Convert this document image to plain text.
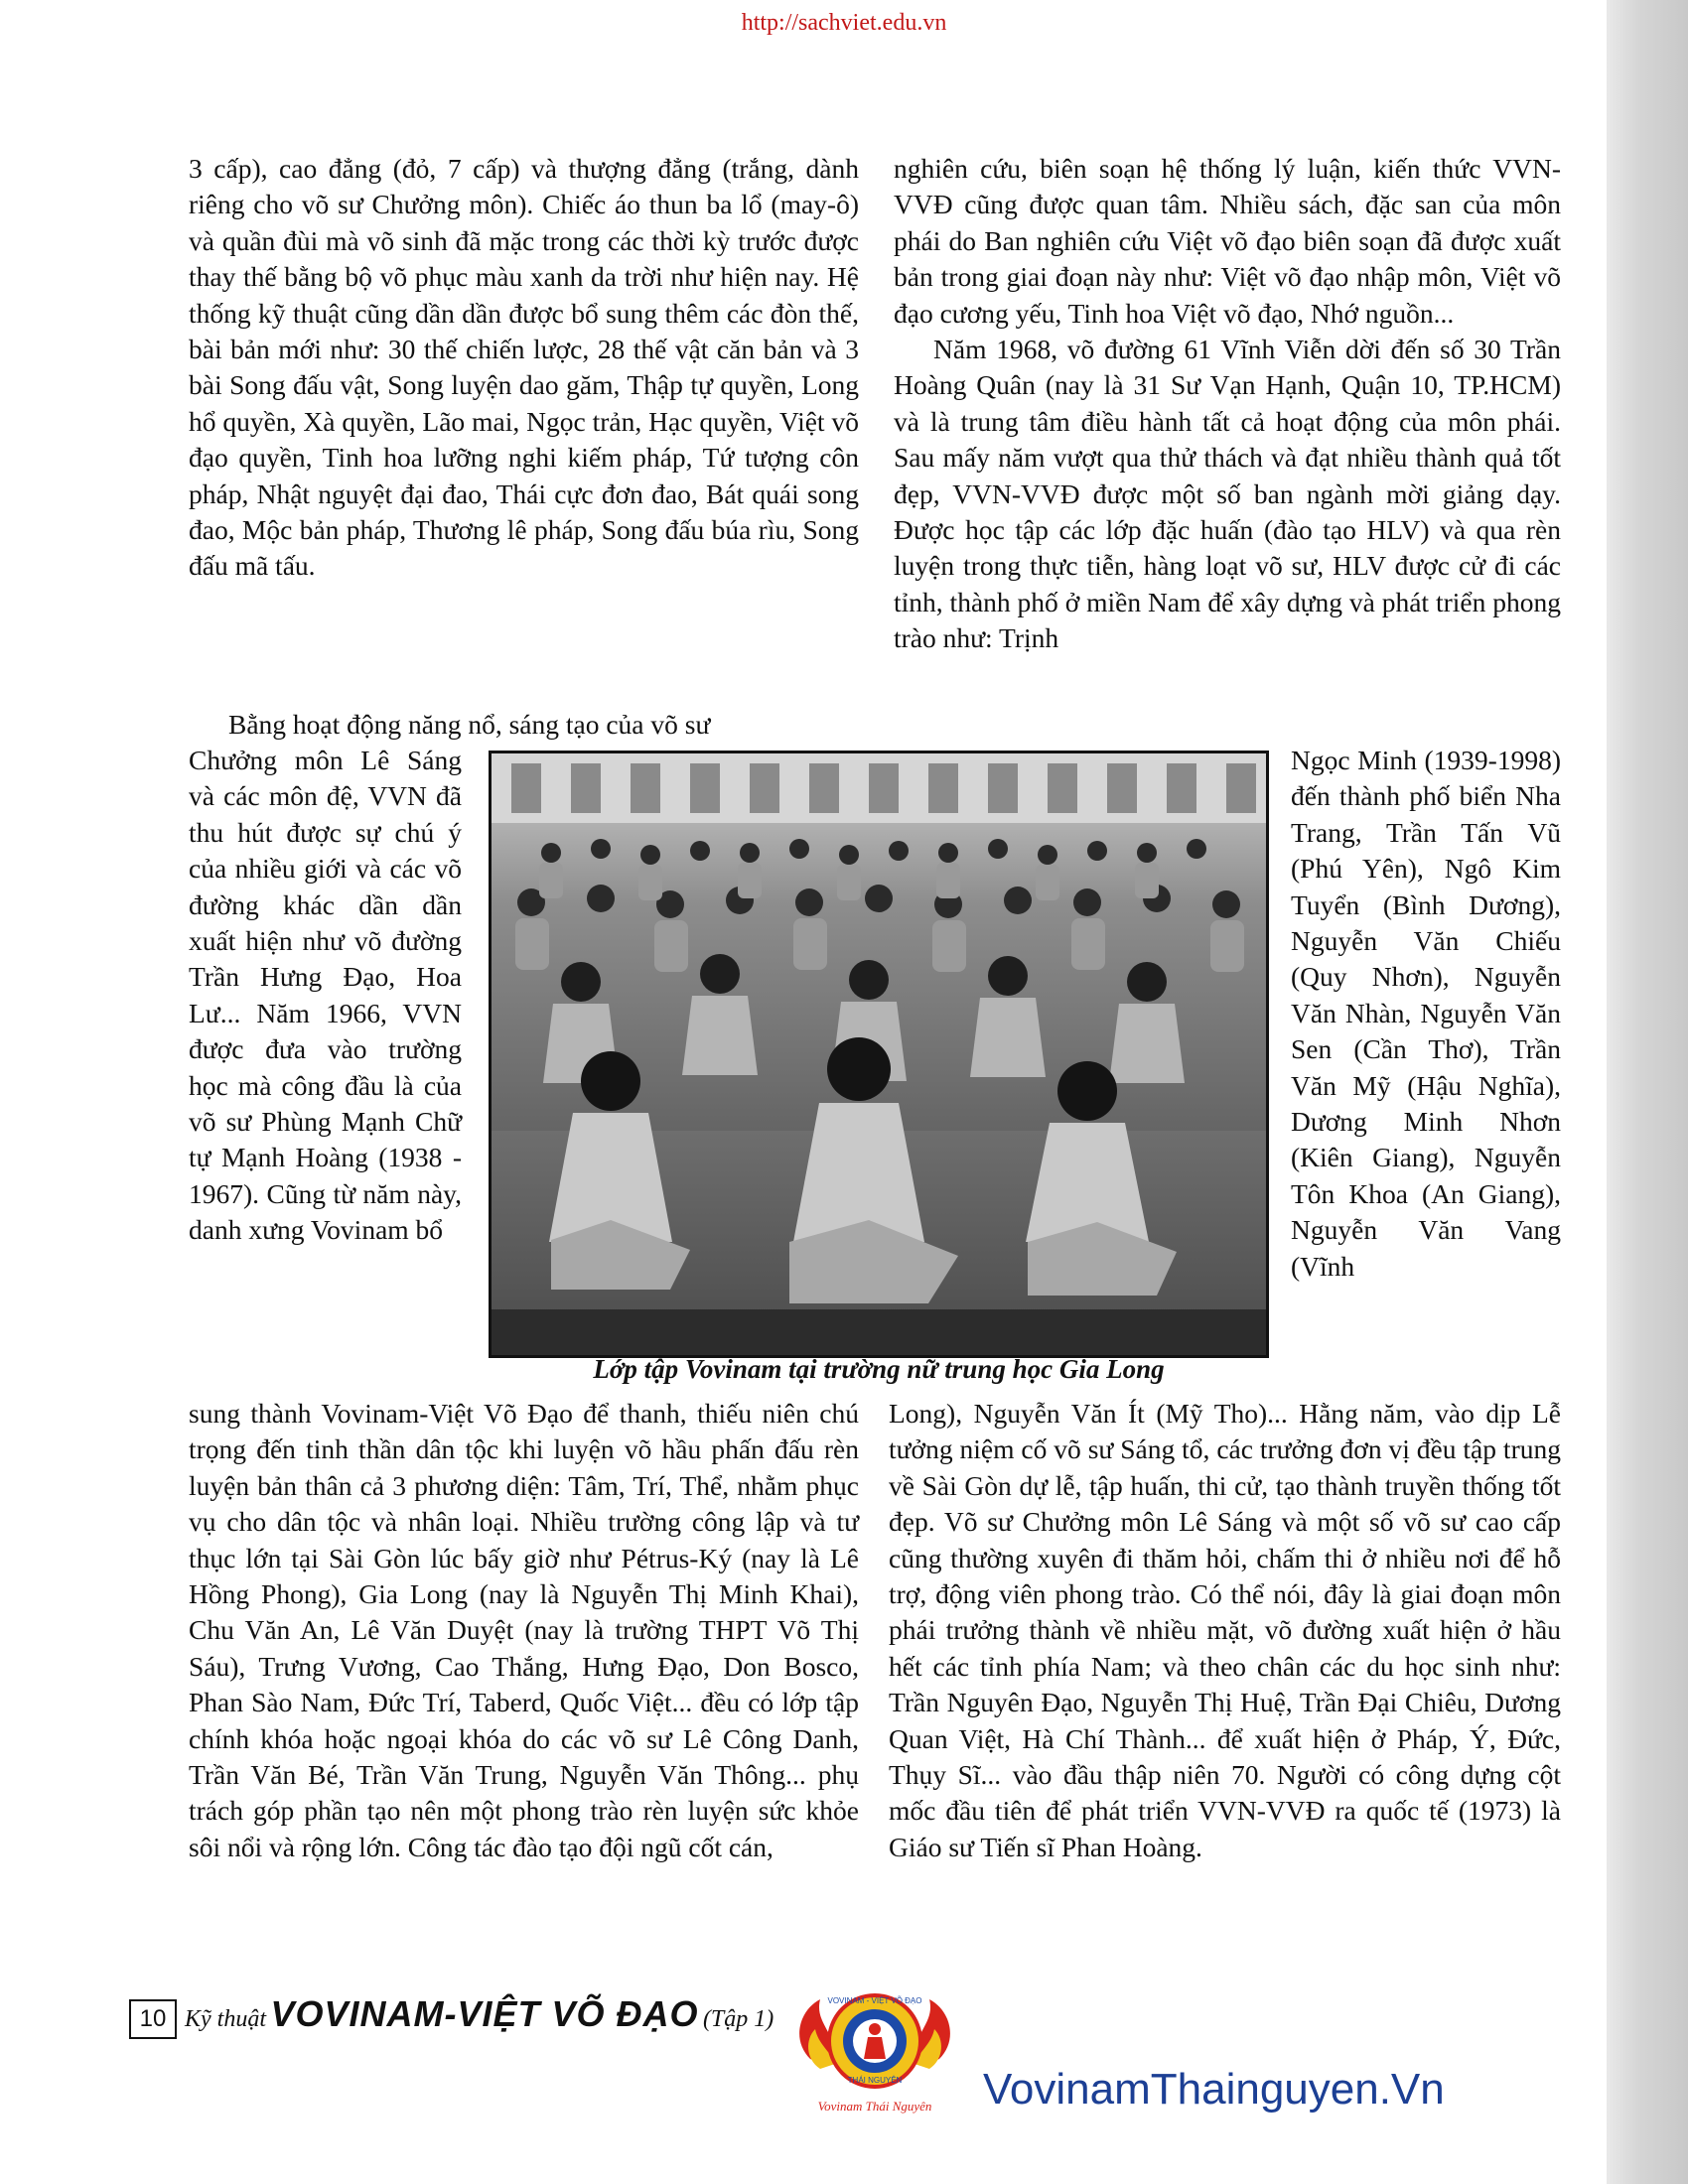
http://sachviet.edu.vn

3 cấp), cao đẳng (đỏ, 7 cấp) và thượng đẳng (trắng, dành riêng cho võ sư Chưởng môn). Chiếc áo thun ba lổ (may-ô) và quần đùi mà võ sinh đã mặc trong các thời kỳ trước được thay thế bằng bộ võ phục màu xanh da trời như hiện nay. Hệ thống kỹ thuật cũng dần dần được bổ sung thêm các đòn thế, bài bản mới như: 30 thế chiến lược, 28 thế vật căn bản và 3 bài Song đấu vật, Song luyện dao găm, Thập tự quyền, Long hổ quyền, Xà quyền, Lão mai, Ngọc trản, Hạc quyền, Việt võ đạo quyền, Tinh hoa lưỡng nghi kiếm pháp, Tứ tượng côn pháp, Nhật nguyệt đại đao, Thái cực đơn đao, Bát quái song đao, Mộc bản pháp, Thương lê pháp, Song đấu búa rìu, Song đấu mã tấu.

Bằng hoạt động năng nổ, sáng tạo của võ sư

Chưởng môn Lê Sáng và các môn đệ, VVN đã thu hút được sự chú ý của nhiều giới và các võ đường khác dần dần xuất hiện như võ đường Trần Hưng Đạo, Hoa Lư... Năm 1966, VVN được đưa vào trường học mà công đầu là của võ sư Phùng Mạnh Chữ tự Mạnh Hoàng (1938 - 1967). Cũng từ năm này, danh xưng Vovinam bổ

sung thành Vovinam-Việt Võ Đạo để thanh, thiếu niên chú trọng đến tinh thần dân tộc khi luyện võ hầu phấn đấu rèn luyện bản thân cả 3 phương diện: Tâm, Trí, Thể, nhằm phục vụ cho dân tộc và nhân loại. Nhiều trường công lập và tư thục lớn tại Sài Gòn lúc bấy giờ như Pétrus-Ký (nay là Lê Hồng Phong), Gia Long (nay là Nguyễn Thị Minh Khai), Chu Văn An, Lê Văn Duyệt (nay là trường THPT Võ Thị Sáu), Trưng Vương, Cao Thắng, Hưng Đạo, Don Bosco, Phan Sào Nam, Đức Trí, Taberd, Quốc Việt... đều có lớp tập chính khóa hoặc ngoại khóa do các võ sư Lê Công Danh, Trần Văn Bé, Trần Văn Trung, Nguyễn Văn Thông... phụ trách góp phần tạo nên một phong trào rèn luyện sức khỏe sôi nổi và rộng lớn. Công tác đào tạo đội ngũ cốt cán,

nghiên cứu, biên soạn hệ thống lý luận, kiến thức VVN-VVĐ cũng được quan tâm. Nhiều sách, đặc san của môn phái do Ban nghiên cứu Việt võ đạo biên soạn đã được xuất bản trong giai đoạn này như: Việt võ đạo nhập môn, Việt võ đạo cương yếu, Tinh hoa Việt võ đạo, Nhớ nguồn...

Năm 1968, võ đường 61 Vĩnh Viễn dời đến số 30 Trần Hoàng Quân (nay là 31 Sư Vạn Hạnh, Quận 10, TP.HCM) và là trung tâm điều hành tất cả hoạt động của môn phái. Sau mấy năm vượt qua thử thách và đạt nhiều thành quả tốt đẹp, VVN-VVĐ được một số ban ngành mời giảng dạy. Được học tập các lớp đặc huấn (đào tạo HLV) và qua rèn luyện trong thực tiễn, hàng loạt võ sư, HLV được cử đi các tỉnh, thành phố ở miền Nam để xây dựng và phát triển phong trào như: Trịnh

Ngọc Minh (1939-1998) đến thành phố biển Nha Trang, Trần Tấn Vũ (Phú Yên), Ngô Kim Tuyển (Bình Dương), Nguyễn Văn Chiếu (Quy Nhơn), Nguyễn Văn Nhàn, Nguyễn Văn Sen (Cần Thơ), Trần Văn Mỹ (Hậu Nghĩa), Dương Minh Nhơn (Kiên Giang), Nguyễn Tôn Khoa (An Giang), Nguyễn Văn Vang (Vĩnh

Long), Nguyễn Văn Ít (Mỹ Tho)... Hằng năm, vào dịp Lễ tưởng niệm cố võ sư Sáng tổ, các trưởng đơn vị đều tập trung về Sài Gòn dự lễ, tập huấn, thi cử, tạo thành truyền thống tốt đẹp. Võ sư Chưởng môn Lê Sáng và một số võ sư cao cấp cũng thường xuyên đi thăm hỏi, chấm thi ở nhiều nơi để hỗ trợ, động viên phong trào. Có thể nói, đây là giai đoạn môn phái trưởng thành về nhiều mặt, võ đường xuất hiện ở hầu hết các tỉnh phía Nam; và theo chân các du học sinh như: Trần Nguyên Đạo, Nguyễn Thị Huệ, Trần Đại Chiêu, Dương Quan Việt, Hà Chí Thành... để xuất hiện ở Pháp, Ý, Đức, Thụy Sĩ... vào đầu thập niên 70. Người có công dựng cột mốc đầu tiên để phát triển VVN-VVĐ ra quốc tế (1973) là Giáo sư Tiến sĩ Phan Hoàng.

Lớp tập Vovinam tại trường nữ trung học Gia Long
10 Kỹ thuật VOVINAM-VIỆT VÕ ĐẠO (Tập 1)
VOVINAM - VIỆT VÕ ĐẠO
THÁI NGUYÊN
Vovinam Thái Nguyên VovinamThainguyen.Vn
